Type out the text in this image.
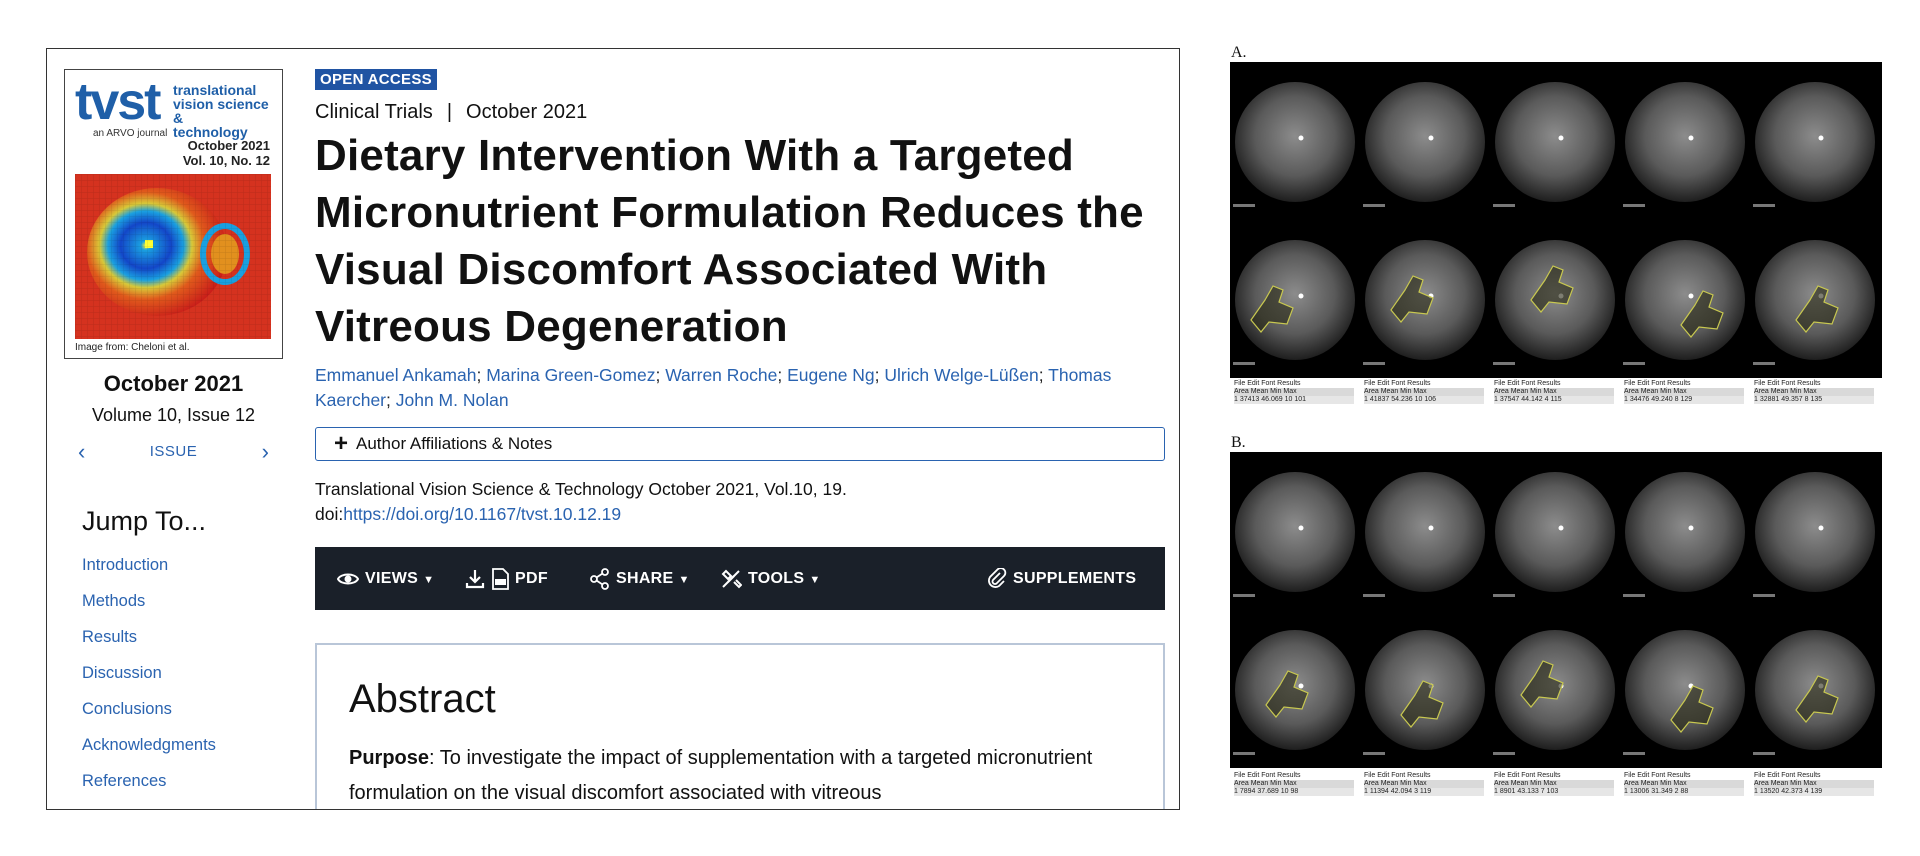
tvst translational
vision science &
technology
an ARVO journal
October 2021
Vol. 10, No. 12
Image from: Cheloni et al.
October 2021
Volume 10, Issue 12
‹	ISSUE	›
Jump To...
Introduction
Methods
Results
Discussion
Conclusions
Acknowledgments
References
OPEN ACCESS
Clinical Trials | October 2021
Dietary Intervention With a Targeted Micronutrient Formulation Reduces the Visual Discomfort Associated With Vitreous Degeneration
Emmanuel Ankamah; Marina Green-Gomez; Warren Roche; Eugene Ng; Ulrich Welge-Lüßen; Thomas Kaercher; John M. Nolan
+ Author Affiliations & Notes
Translational Vision Science & Technology October 2021, Vol.10, 19.
doi:https://doi.org/10.1167/tvst.10.12.19
VIEWS ▼	PDF	SHARE ▼	TOOLS ▼	SUPPLEMENTS
Abstract
Purpose: To investigate the impact of supplementation with a targeted micronutrient formulation on the visual discomfort associated with vitreous
A.
File Edit Font Results
Area Mean Min Max
1 37413 46.069 10 101
File Edit Font Results
Area Mean Min Max
1 41837 54.236 10 106
File Edit Font Results
Area Mean Min Max
1 37547 44.142 4 115
File Edit Font Results
Area Mean Min Max
1 34476 49.240 8 129
File Edit Font Results
Area Mean Min Max
1 32881 49.357 8 135
B.
File Edit Font Results
Area Mean Min Max
1 7894 37.689 10 98
File Edit Font Results
Area Mean Min Max
1 11394 42.094 3 119
File Edit Font Results
Area Mean Min Max
1 8901 43.133 7 103
File Edit Font Results
Area Mean Min Max
1 13006 31.349 2 88
File Edit Font Results
Area Mean Min Max
1 13520 42.373 4 139
